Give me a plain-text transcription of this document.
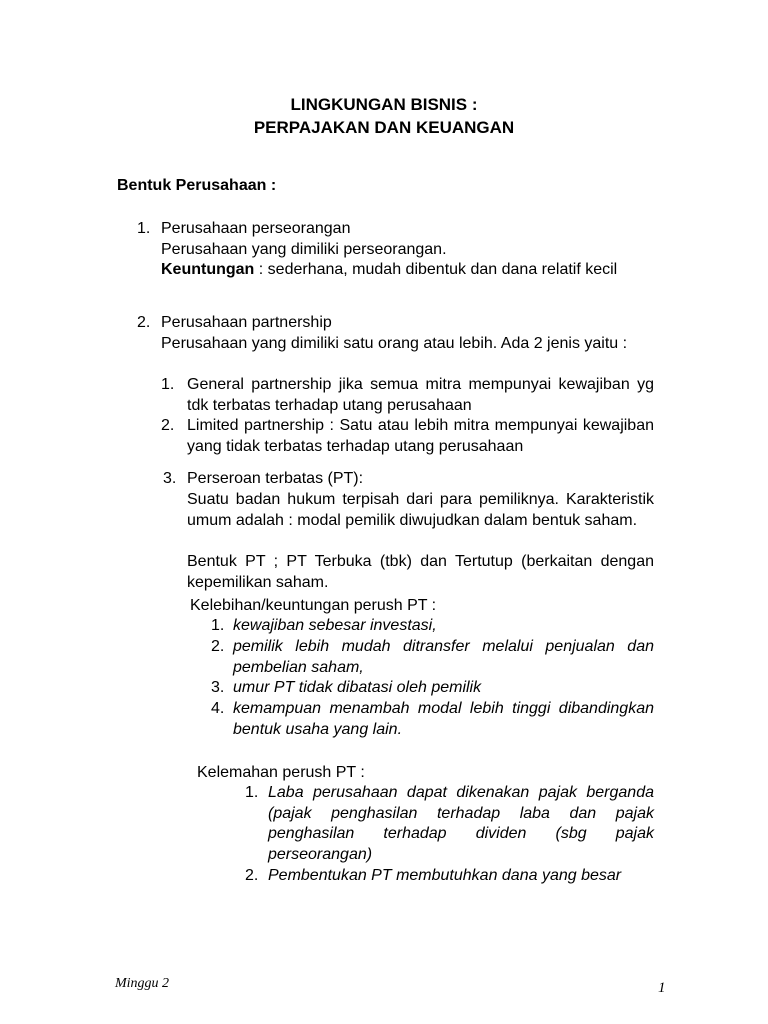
LINGKUNGAN BISNIS :
PERPAJAKAN DAN KEUANGAN
Bentuk Perusahaan :
1. Perusahaan perseorangan
Perusahaan yang dimiliki perseorangan.
Keuntungan : sederhana, mudah dibentuk dan dana relatif kecil
2. Perusahaan partnership
Perusahaan yang dimiliki satu orang atau lebih. Ada 2 jenis yaitu :
1. General partnership jika semua mitra mempunyai kewajiban yg tdk terbatas terhadap utang perusahaan
2. Limited partnership : Satu atau lebih mitra mempunyai kewajiban yang tidak terbatas terhadap utang perusahaan
3. Perseroan terbatas (PT):
Suatu badan hukum terpisah dari para pemiliknya. Karakteristik umum adalah : modal pemilik diwujudkan dalam bentuk saham.
Bentuk PT ; PT Terbuka (tbk) dan Tertutup (berkaitan dengan kepemilikan saham.
Kelebihan/keuntungan perush PT :
1. kewajiban sebesar investasi,
2. pemilik lebih mudah ditransfer melalui penjualan dan pembelian saham,
3. umur PT tidak dibatasi oleh pemilik
4. kemampuan menambah modal lebih tinggi dibandingkan bentuk usaha yang lain.
Kelemahan perush PT :
1. Laba perusahaan dapat dikenakan pajak berganda (pajak penghasilan terhadap laba dan pajak penghasilan terhadap dividen (sbg pajak perseorangan)
2. Pembentukan PT membutuhkan dana yang besar
Minggu 2	1
